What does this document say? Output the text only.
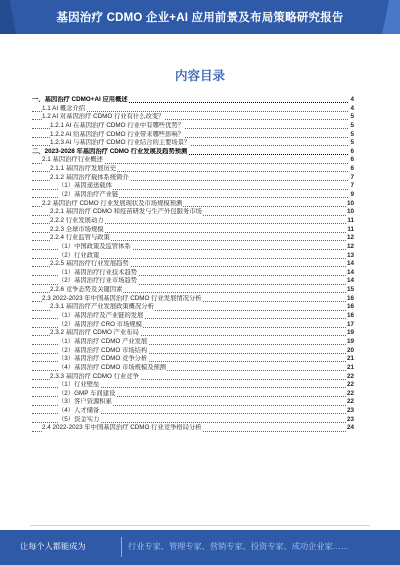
基因治疗 CDMO 企业+AI 应用前景及布局策略研究报告
内容目录
一、基因治疗 CDMO+AI 应用概述	4
1.1 AI 概念介绍	4
1.2 AI 对基因治疗 CDMO 行业有什么改变？	5
1.2.1 AI 在基因治疗 CDMO 行业中有哪些优势？	5
1.2.2 AI 给基因治疗 CDMO 行业带来哪些影响？	5
1.2.3 AI 与基因治疗 CDMO 行业结合的主要场景？	5
二、2023-2028 年基因治疗 CDMO 行业发展及趋势预测	6
2.1 基因治疗行业概述	6
2.1.1 基因治疗发展历史	6
2.1.2 基因治疗载体系统简介	7
（1）基因递送载体	7
（2）基因治疗产业链	9
2.2 基因治疗 CDMO 行业发展现状及市场规模预测	10
2.2.1 基因治疗 CDMO 和疫苗研发与生产外包服务市场	10
2.2.2 行业发展动力	11
2.2.3 全球市场规模	11
2.2.4 行业监管与政策	12
（1）中国政策及监管体系	12
（2）行业政策	13
2.2.5 基因治疗行业发展趋势	14
（1）基因治疗行业技术趋势	14
（2）基因治疗行业市场趋势	14
2.2.6 竞争态势及关键因素	15
2.3 2022-2023 年中国基因治疗 CDMO 行业发展情况分析	16
2.3.1 基因治疗产业发展政策概况分析	16
（1）基因治疗及产业链的发展	16
（2）基因治疗 CRO 市场规模	17
2.3.2 基因治疗 CDMO 产业布局	19
（1）基因治疗 CDMO 产业发展	19
（2）基因治疗 CDMO 市场结构	20
（3）基因治疗 CDMO 竞争分析	21
（4）基因治疗 CDMO 市场规模及预测	21
2.3.3 基因治疗 CDMO 行业竞争	22
（1）行业壁垒	22
（2）GMP 车间建设	22
（3）客户资源积累	22
（4）人才储备	23
（5）资金实力	23
2.4 2022-2023 年中国基因治疗 CDMO 行业竞争格局分析	24
让每个人都能成为	行业专家、管理专家、营销专家、投资专家、成功企业家……
